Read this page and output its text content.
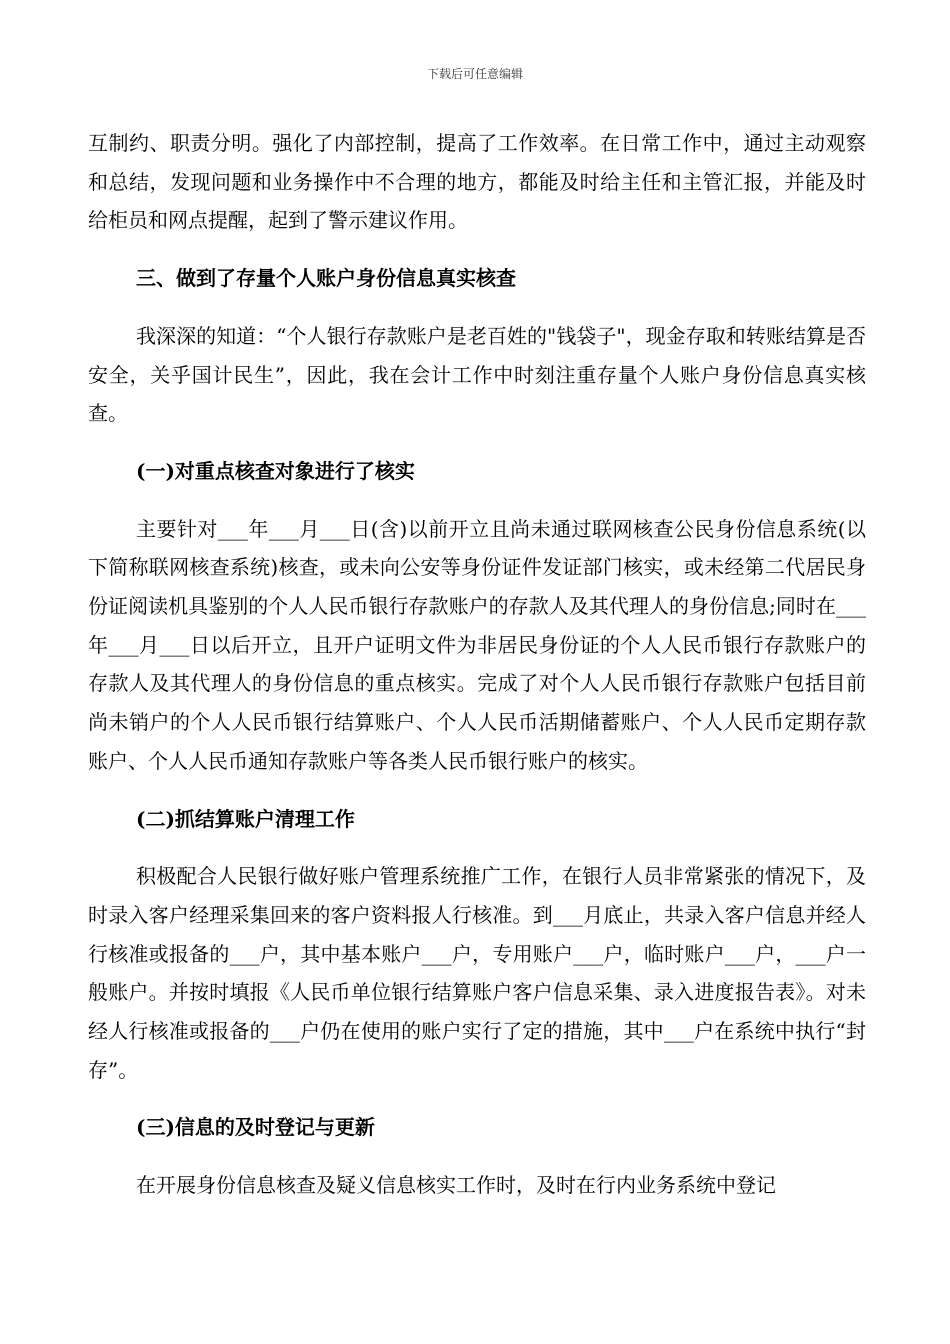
下载后可任意编辑

互制约、职责分明。强化了内部控制，提高了工作效率。在日常工作中，通过主动观察和总结，发现问题和业务操作中不合理的地方，都能及时给主任和主管汇报，并能及时给柜员和网点提醒，起到了警示建议作用。

三、做到了存量个人账户身份信息真实核查

我深深的知道：“个人银行存款账户是老百姓的"钱袋子"，现金存取和转账结算是否安全，关乎国计民生”，因此，我在会计工作中时刻注重存量个人账户身份信息真实核查。

(一)对重点核查对象进行了核实

主要针对___年___月___日(含)以前开立且尚未通过联网核查公民身份信息系统(以下简称联网核查系统)核查，或未向公安等身份证件发证部门核实，或未经第二代居民身份证阅读机具鉴别的个人人民币银行存款账户的存款人及其代理人的身份信息;同时在___年___月___日以后开立，且开户证明文件为非居民身份证的个人人民币银行存款账户的存款人及其代理人的身份信息的重点核实。完成了对个人人民币银行存款账户包括目前尚未销户的个人人民币银行结算账户、个人人民币活期储蓄账户、个人人民币定期存款账户、个人人民币通知存款账户等各类人民币银行账户的核实。

(二)抓结算账户清理工作

积极配合人民银行做好账户管理系统推广工作，在银行人员非常紧张的情况下，及时录入客户经理采集回来的客户资料报人行核准。到___月底止，共录入客户信息并经人行核准或报备的___户，其中基本账户___户，专用账户___户，临时账户___户，___户一般账户。并按时填报《人民币单位银行结算账户客户信息采集、录入进度报告表》。对未经人行核准或报备的___户仍在使用的账户实行了定的措施，其中___户在系统中执行“封存”。

(三)信息的及时登记与更新

在开展身份信息核查及疑义信息核实工作时，及时在行内业务系统中登记
